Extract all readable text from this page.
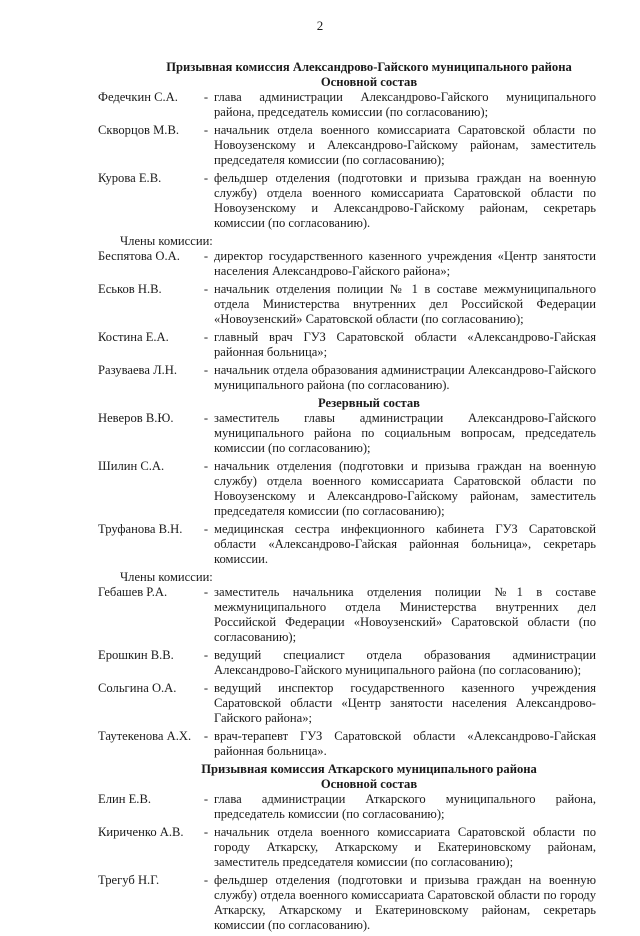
2
Призывная комиссия Александрово-Гайского муниципального района
Основной состав
Федечкин С.А.	- глава администрации Александрово-Гайского муниципального района, председатель комиссии (по согласованию);
Скворцов М.В.	- начальник отдела военного комиссариата Саратовской области по Новоузенскому и Александрово-Гайскому районам, заместитель председателя комиссии (по согласованию);
Курова Е.В.	- фельдшер отделения (подготовки и призыва граждан на военную службу) отдела военного комиссариата Саратовской области по Новоузенскому и Александрово-Гайскому районам, секретарь комиссии (по согласованию).
Члены комиссии:
Беспятова О.А.	- директор государственного казенного учреждения «Центр занятости населения Александрово-Гайского района»;
Еськов Н.В.	- начальник отделения полиции № 1 в составе межмуниципального отдела Министерства внутренних дел Российской Федерации «Новоузенский» Саратовской области (по согласованию);
Костина Е.А.	- главный врач ГУЗ Саратовской области «Александрово-Гайская районная больница»;
Разуваева Л.Н.	- начальник отдела образования администрации Александрово-Гайского муниципального района (по согласованию).
Резервный состав
Неверов В.Ю.	- заместитель главы администрации Александрово-Гайского муниципального района по социальным вопросам, председатель комиссии (по согласованию);
Шилин С.А.	- начальник отделения (подготовки и призыва граждан на военную службу) отдела военного комиссариата Саратовской области по Новоузенскому и Александрово-Гайскому районам, заместитель председателя комиссии (по согласованию);
Труфанова В.Н.	- медицинская сестра инфекционного кабинета ГУЗ Саратовской области «Александрово-Гайская районная больница», секретарь комиссии.
Члены комиссии:
Гебашев Р.А.	- заместитель начальника отделения полиции №1 в составе межмуниципального отдела Министерства внутренних дел Российской Федерации «Новоузенский» Саратовской области (по согласованию);
Ерошкин В.В.	- ведущий специалист отдела образования администрации Александрово-Гайского муниципального района (по согласованию);
Сольгина О.А.	- ведущий инспектор государственного казенного учреждения Саратовской области «Центр занятости населения Александрово-Гайского района»;
Таутекенова А.Х.	- врач-терапевт ГУЗ Саратовской области «Александрово-Гайская районная больница».
Призывная комиссия Аткарского муниципального района
Основной состав
Елин Е.В.	- глава администрации Аткарского муниципального района, председатель комиссии (по согласованию);
Кириченко А.В.	- начальник отдела военного комиссариата Саратовской области по городу Аткарску, Аткарскому и Екатериновскому районам, заместитель председателя комиссии (по согласованию);
Трегуб Н.Г.	- фельдшер отделения (подготовки и призыва граждан на военную службу) отдела военного комиссариата Саратовской области по городу Аткарску, Аткарскому и Екатериновскому районам, секретарь комиссии (по согласованию).
